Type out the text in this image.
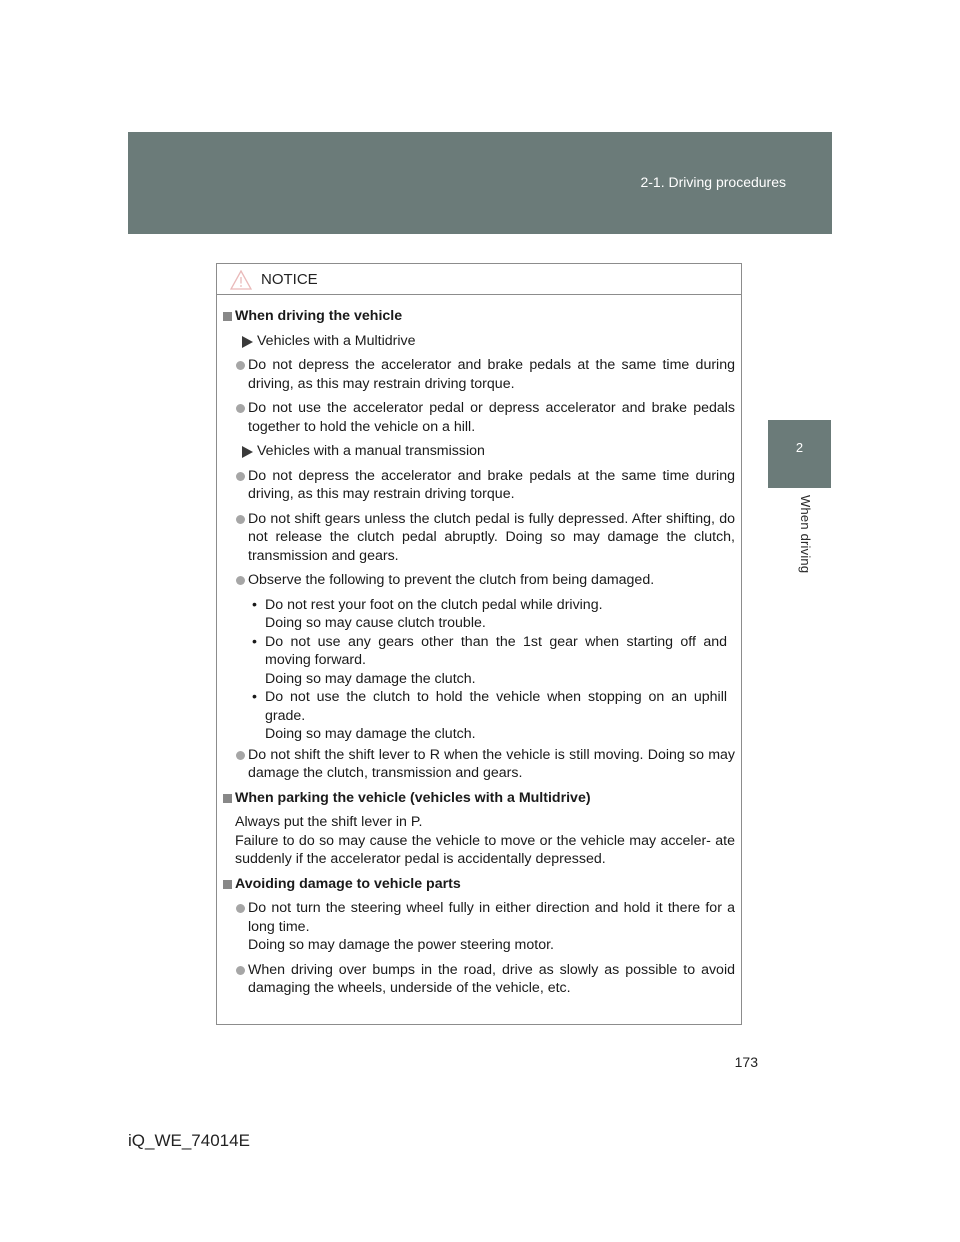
2-1. Driving procedures
2
When driving
NOTICE
When driving the vehicle
Vehicles with a Multidrive
Do not depress the accelerator and brake pedals at the same time during driving, as this may restrain driving torque.
Do not use the accelerator pedal or depress accelerator and brake pedals together to hold the vehicle on a hill.
Vehicles with a manual transmission
Do not depress the accelerator and brake pedals at the same time during driving, as this may restrain driving torque.
Do not shift gears unless the clutch pedal is fully depressed. After shifting, do not release the clutch pedal abruptly. Doing so may damage the clutch, transmission and gears.
Observe the following to prevent the clutch from being damaged.
• Do not rest your foot on the clutch pedal while driving.
Doing so may cause clutch trouble.
• Do not use any gears other than the 1st gear when starting off and moving forward.
Doing so may damage the clutch.
• Do not use the clutch to hold the vehicle when stopping on an uphill grade.
Doing so may damage the clutch.
Do not shift the shift lever to R when the vehicle is still moving. Doing so may damage the clutch, transmission and gears.
When parking the vehicle (vehicles with a Multidrive)
Always put the shift lever in P.
Failure to do so may cause the vehicle to move or the vehicle may acceler- ate suddenly if the accelerator pedal is accidentally depressed.
Avoiding damage to vehicle parts
Do not turn the steering wheel fully in either direction and hold it there for a long time.
Doing so may damage the power steering motor.
When driving over bumps in the road, drive as slowly as possible to avoid damaging the wheels, underside of the vehicle, etc.
173
iQ_WE_74014E
